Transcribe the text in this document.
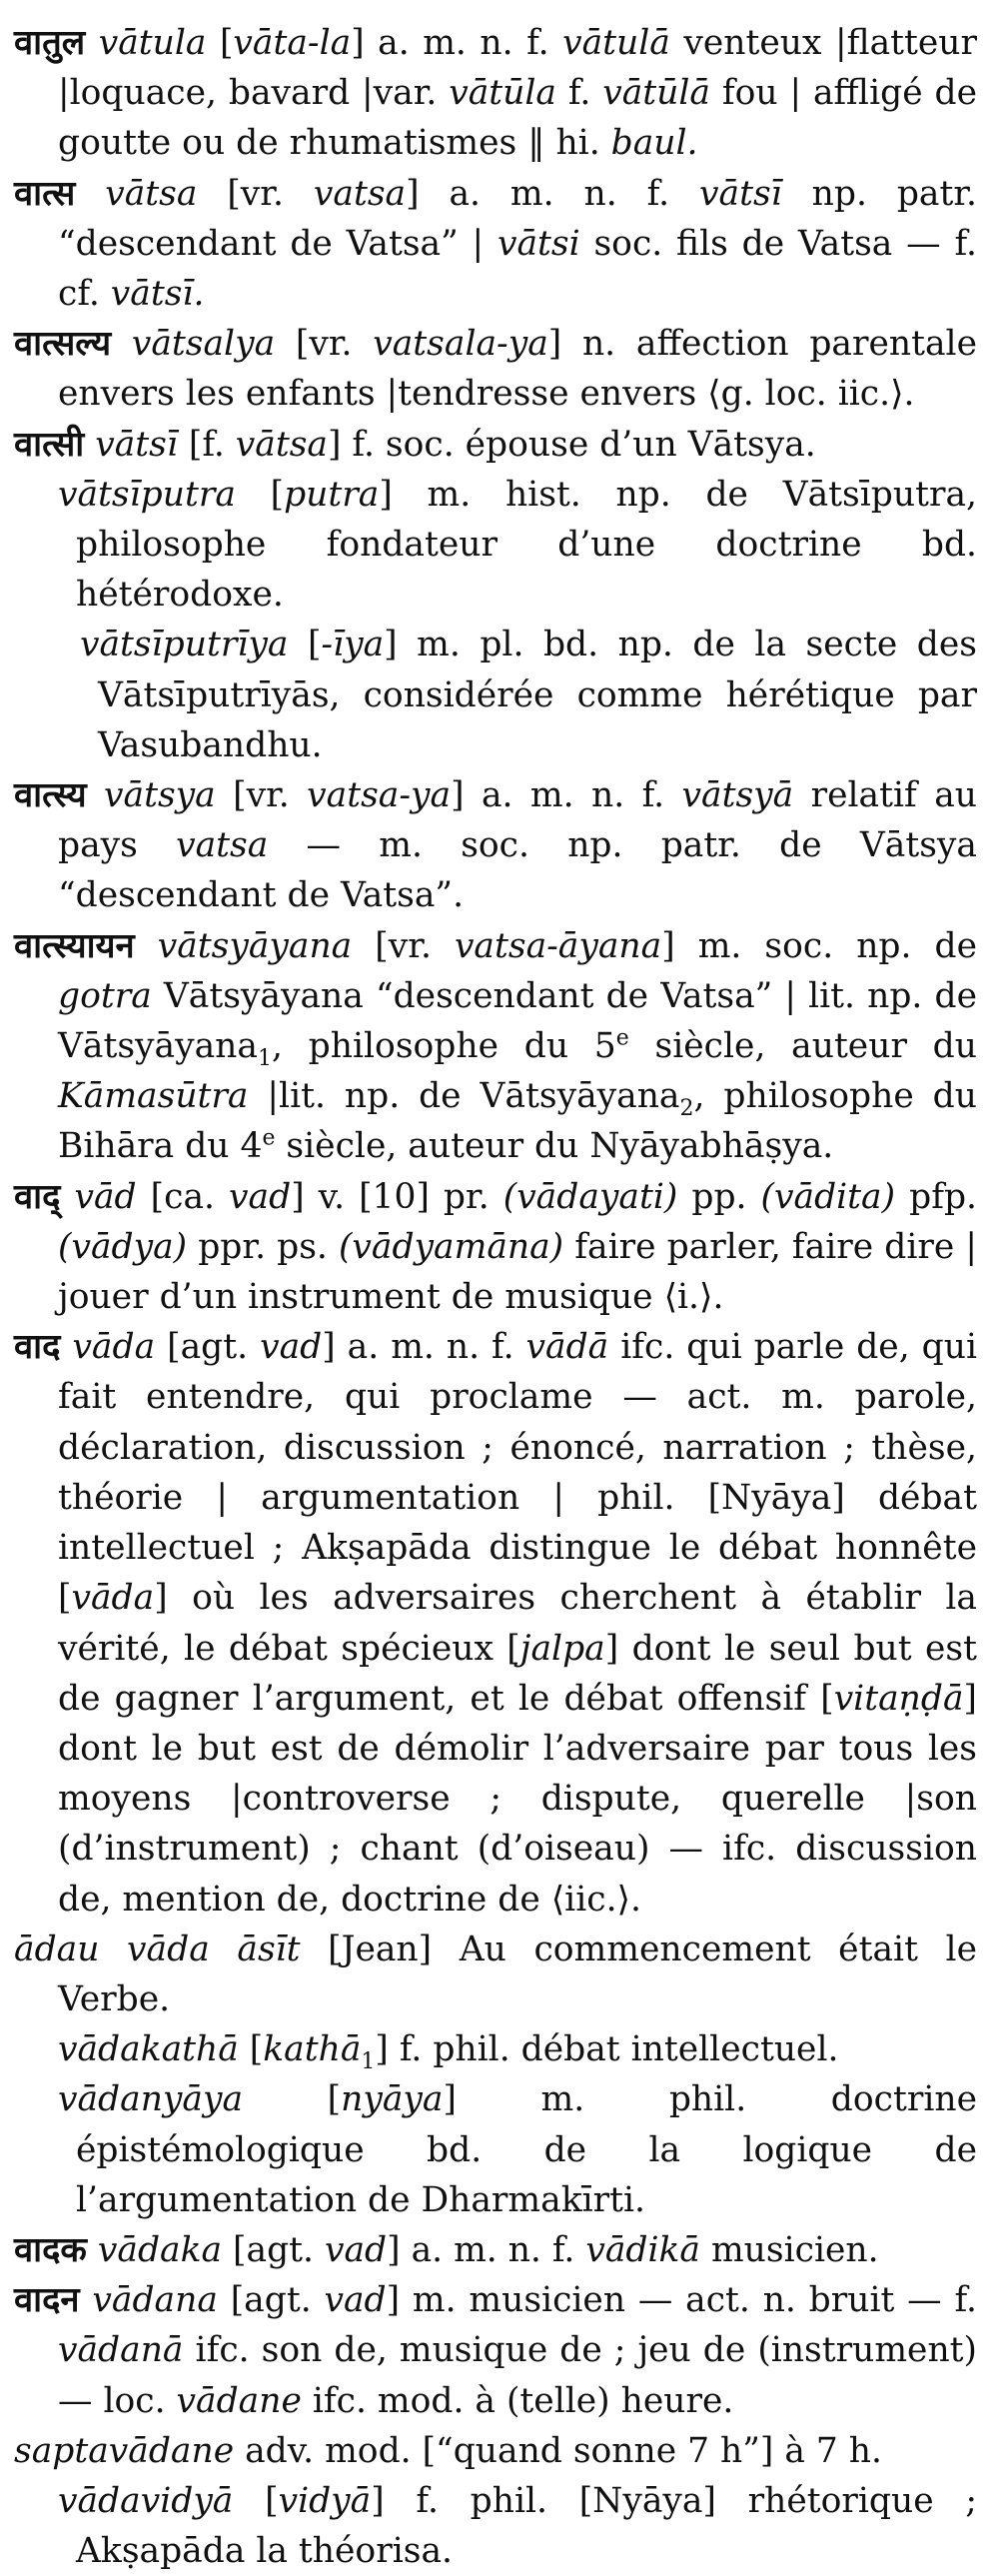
वातुल vātula [vāta-la] a. m. n. f. vātulā venteux |flatteur |loquace, bavard |var. vātūla f. vātūlā fou | affligé de goutte ou de rhumatismes ‖ hi. baul.

वात्स vātsa [vr. vatsa] a. m. n. f. vātsī np. patr. “descendant de Vatsa” | vātsi soc. fils de Vatsa — f. cf. vātsī.

वात्सल्य vātsalya [vr. vatsala-ya] n. affection parentale envers les enfants |tendresse envers ⟨g. loc. iic.⟩.

वात्सी vātsī [f. vātsa] f. soc. épouse d’un Vātsya.

vātsīputra [putra] m. hist. np. de Vātsīputra, philosophe fondateur d’une doctrine bd. hétérodoxe.

vātsīputrīya [-īya] m. pl. bd. np. de la secte des Vātsīputrīyās, considérée comme hérétique par Vasubandhu.

वात्स्य vātsya [vr. vatsa-ya] a. m. n. f. vātsyā relatif au pays vatsa — m. soc. np. patr. de Vātsya “descendant de Vatsa”.

वात्स्यायन vātsyāyana [vr. vatsa-āyana] m. soc. np. de gotra Vātsyāyana “descendant de Vatsa” | lit. np. de Vātsyāyana$_1$, philosophe du 5e siècle, auteur du Kāmasūtra |lit. np. de Vātsyāyana$_2$, philosophe du Bihāra du 4e siècle, auteur du Nyāyabhāṣya.

वाद् vād [ca. vad] v. [10] pr. (vādayati) pp. (vādita) pfp. (vādya) ppr. ps. (vādyamāna) faire parler, faire dire | jouer d’un instrument de musique ⟨i.⟩.

वाद vāda [agt. vad] a. m. n. f. vādā ifc. qui parle de, qui fait entendre, qui proclame — act. m. parole, déclaration, discussion ; énoncé, narration ; thèse, théorie | argumentation | phil. [Nyāya] débat intellectuel ; Akṣapāda distingue le débat honnête [vāda] où les adversaires cherchent à établir la vérité, le débat spécieux [jalpa] dont le seul but est de gagner l’argument, et le débat offensif [vitaṇḍā] dont le but est de démolir l’adversaire par tous les moyens |controverse ; dispute, querelle |son (d’instrument) ; chant (d’oiseau) — ifc. discussion de, mention de, doctrine de ⟨iic.⟩.

ādau vāda āsīt [Jean] Au commencement était le Verbe.

vādakathā [kathā$_1$] f. phil. débat intellectuel.

vādanyāya [nyāya] m. phil. doctrine épistémologique bd. de la logique de l’argumentation de Dharmakīrti.

वादक vādaka [agt. vad] a. m. n. f. vādikā musicien.

वादन vādana [agt. vad] m. musicien — act. n. bruit — f. vādanā ifc. son de, musique de ; jeu de (instrument) — loc. vādane ifc. mod. à (telle) heure.

saptavādane adv. mod. [“quand sonne 7 h”] à 7 h.

vādavidyā [vidyā] f. phil. [Nyāya] rhétorique ; Akṣapāda la théorisa.
